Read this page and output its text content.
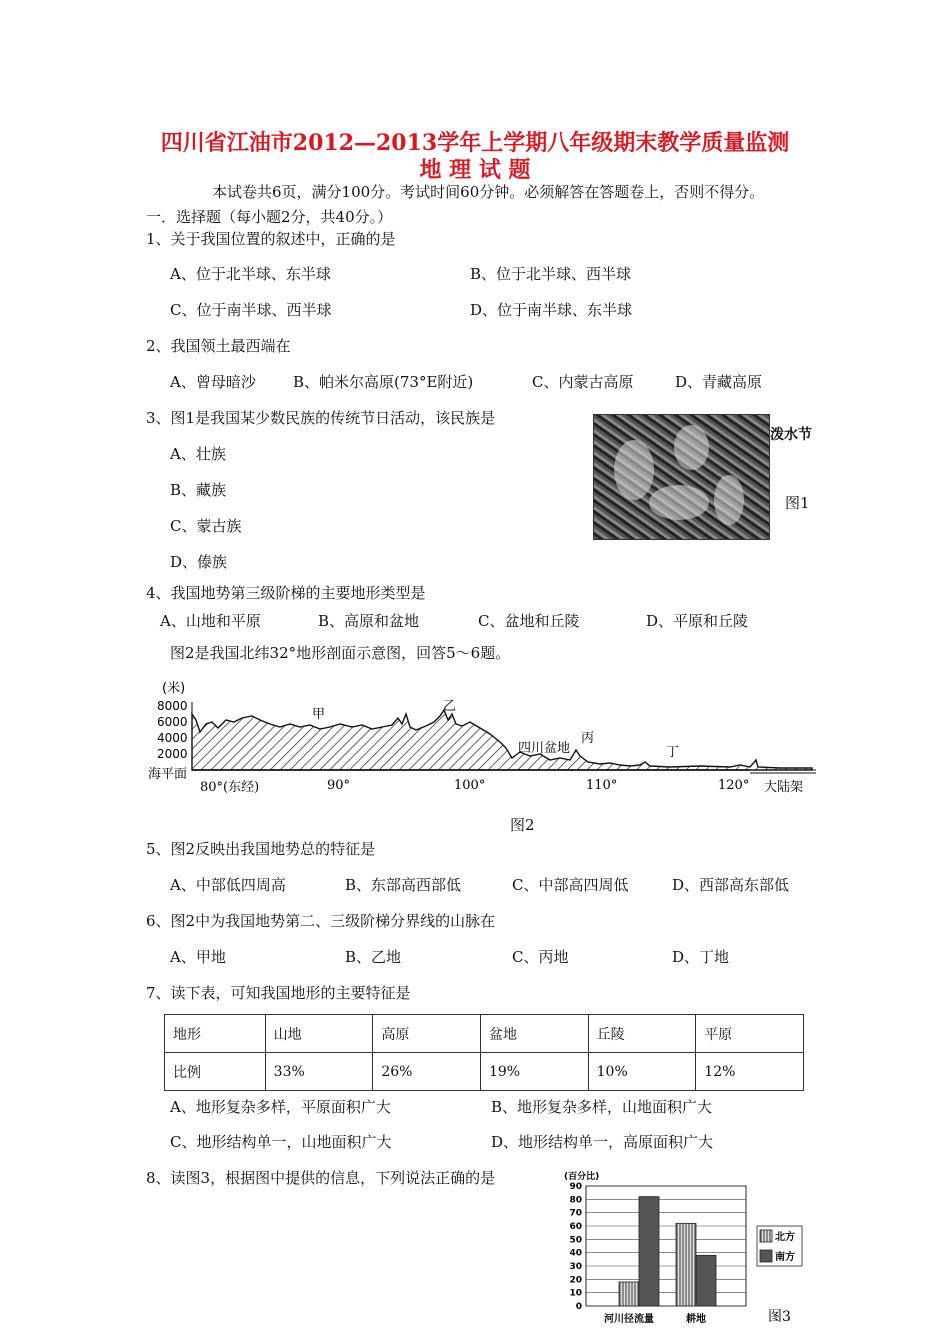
四川省江油市2012—2013学年上学期八年级期末教学质量监测
地 理 试 题
本试卷共6页，满分100分。考试时间60分钟。必须解答在答题卷上，否则不得分。
一．选择题（每小题2分，共40分。）
1、关于我国位置的叙述中，正确的是
A、位于北半球、东半球	B、位于北半球、西半球
C、位于南半球、西半球	D、位于南半球、东半球
2、我国领土最西端在
A、曾母暗沙 B、帕米尔高原(73°E附近)	C、内蒙古高原	D、青藏高原
3、图1是我国某少数民族的传统节日活动，该民族是
A、壮族
B、藏族
C、蒙古族
D、傣族
泼水节
图1
4、我国地势第三级阶梯的主要地形类型是
A、山地和平原	B、高原和盆地	C、盆地和丘陵	D、平原和丘陵
图2是我国北纬32°地形剖面示意图，回答5～6题。
(米)
8000
6000
4000
2000
海平面
甲
乙
四川盆地
丙
丁
80°(东经)	90°	100°	110°	120° 大陆架
图2
5、图2反映出我国地势总的特征是
A、中部低四周高	B、东部高西部低	C、中部高四周低	D、西部高东部低
6、图2中为我国地势第二、三级阶梯分界线的山脉在
A、甲地	B、乙地	C、丙地	D、丁地
7、读下表，可知我国地形的主要特征是
地形	山地	高原	盆地	丘陵	平原
比例	33%	26%	19%	10%	12%
A、地形复杂多样，平原面积广大	B、地形复杂多样，山地面积广大
C、地形结构单一，山地面积广大	D、地形结构单一，高原面积广大
8、读图3，根据图中提供的信息，下列说法正确的是	(百分比)
90
80
70
60
50
40
30
20
10
0
河川径流量	耕地
北方
南方
图3
